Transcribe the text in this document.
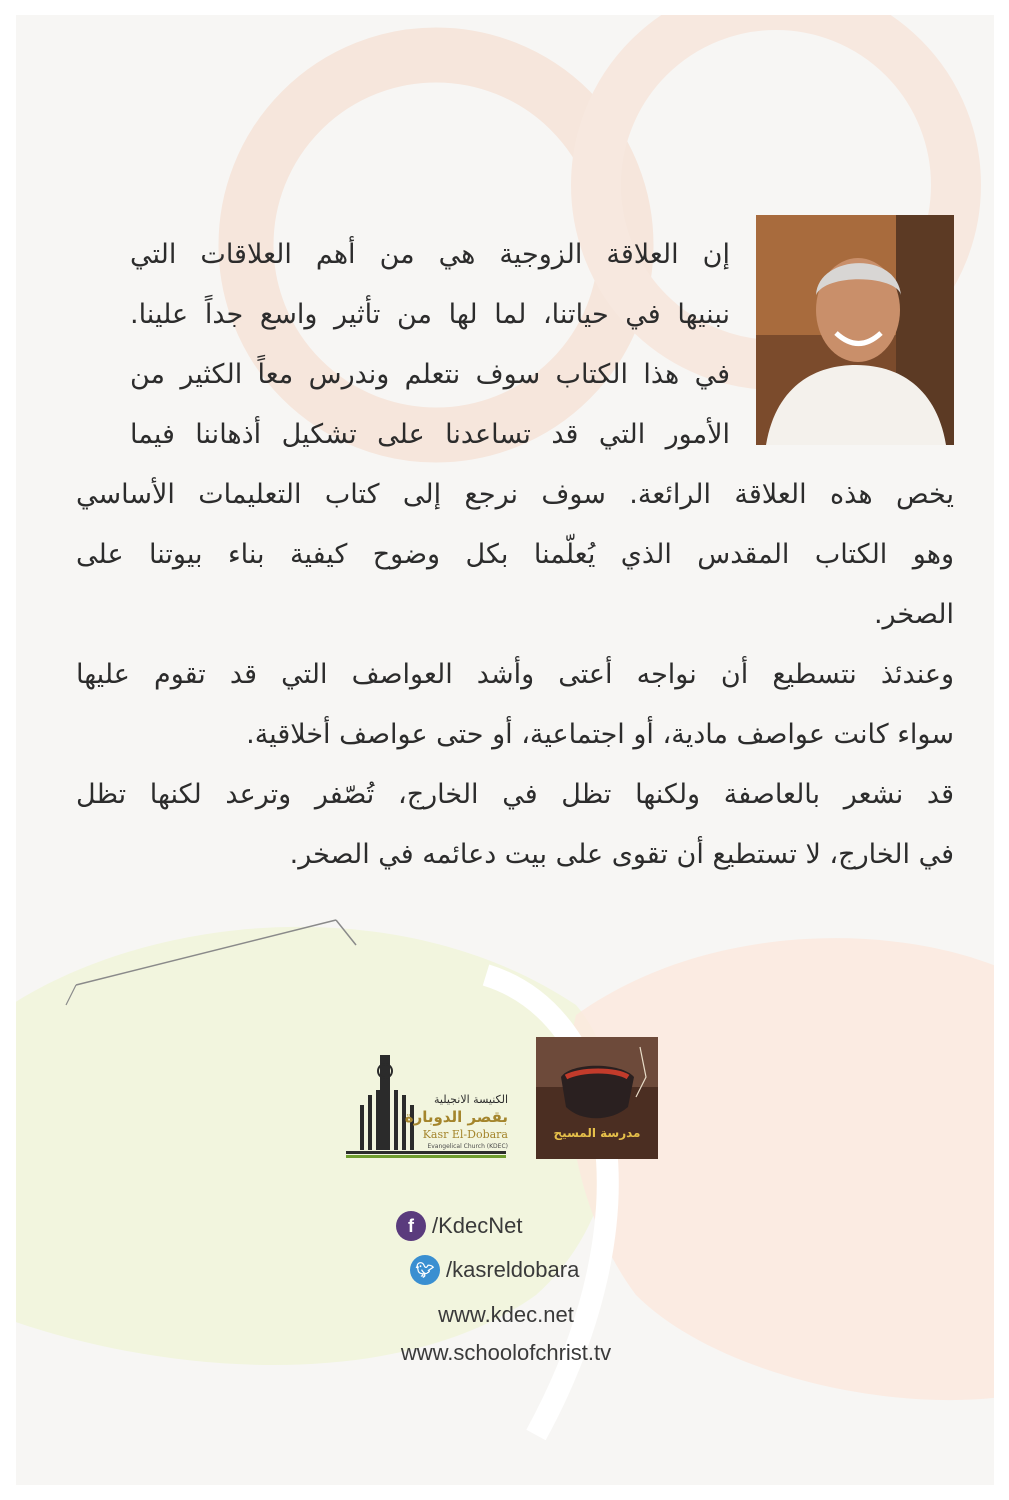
إن العلاقة الزوجية هي من أهم العلاقات التي
نبنيها في حياتنا، لما لها من تأثير واسع جداً علينا.
في هذا الكتاب سوف نتعلم وندرس معاً الكثير من
الأمور التي قد تساعدنا على تشكيل أذهاننا فيما
يخص هذه العلاقة الرائعة. سوف نرجع إلى كتاب التعليمات الأساسي
وهو الكتاب المقدس الذي يُعلّمنا بكل وضوح كيفية بناء بيوتنا على
الصخر.
وعندئذ نتسطيع أن نواجه أعتى وأشد العواصف التي قد تقوم عليها
سواء كانت عواصف مادية، أو اجتماعية، أو حتى عواصف أخلاقية.
قد نشعر بالعاصفة ولكنها تظل في الخارج، تُصّفر وترعد لكنها تظل
في الخارج، لا تستطيع أن تقوى على بيت دعائمه في الصخر.
الكنيسة الانجيلية
بقصر الدوبارة
Kasr El-Dobara
Evangelical Church (KDEC)
مدرسة المسيح
f /KdecNet
🐦︎ /kasreldobara
www.kdec.net
www.schoolofchrist.tv
